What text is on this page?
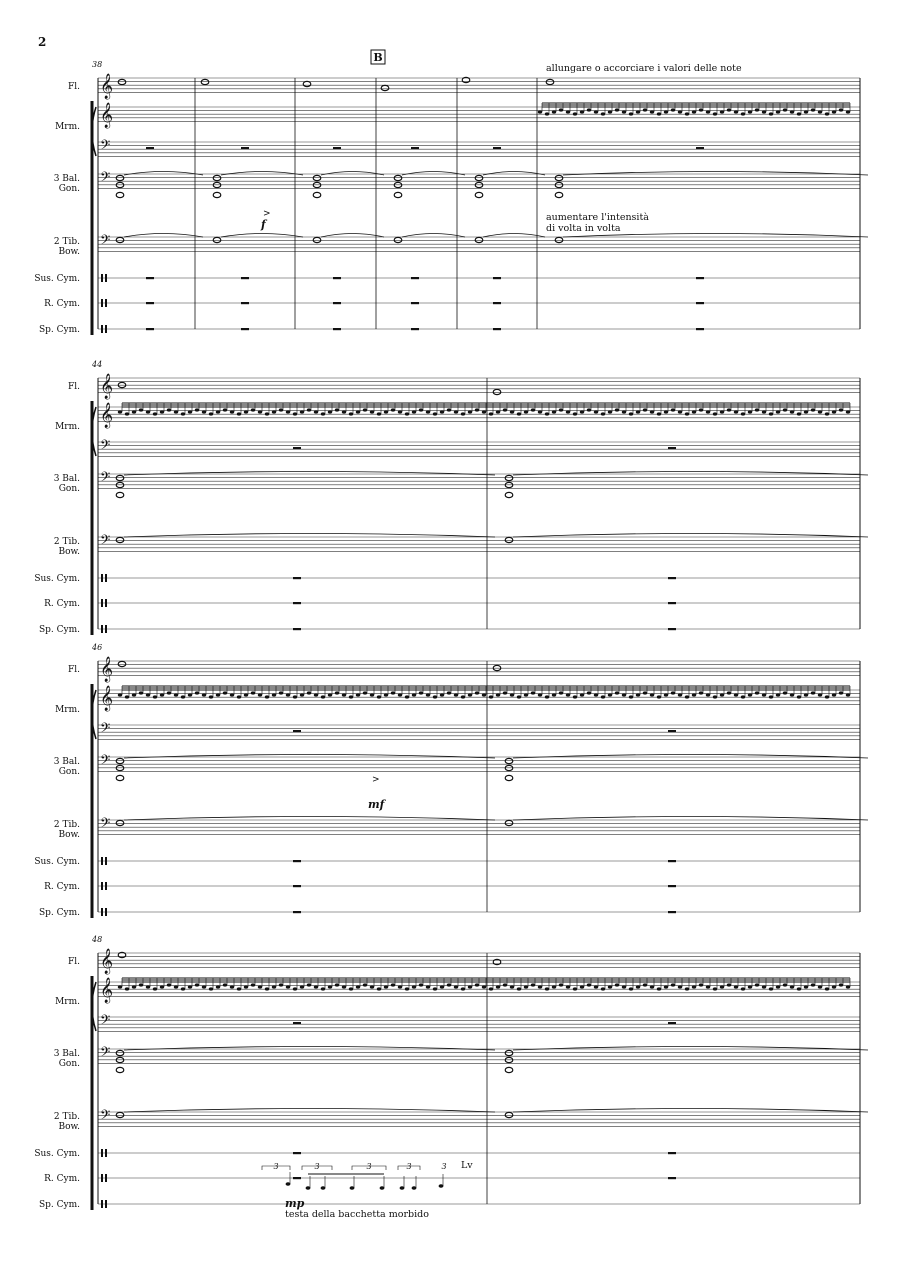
2
B
38
Fl.
Mrm.
3 Bal.
Gon.
2 Tib.
Bow.
Sus. Cym.
R. Cym.
Sp. Cym.
𝄞
𝄞
𝄢
𝄢
𝄢
44
Fl.
Mrm.
3 Bal.
Gon.
2 Tib.
Bow.
Sus. Cym.
R. Cym.
Sp. Cym.
𝄞
𝄞
𝄢
𝄢
𝄢
46
Fl.
Mrm.
3 Bal.
Gon.
2 Tib.
Bow.
Sus. Cym.
R. Cym.
Sp. Cym.
𝄞
𝄞
𝄢
𝄢
𝄢
48
Fl.
Mrm.
3 Bal.
Gon.
2 Tib.
Bow.
Sus. Cym.
R. Cym.
Sp. Cym.
𝄞
𝄞
𝄢
𝄢
𝄢
>
>
3	3	3	3	3
allungare o accorciare i valori delle note
aumentare l'intensità
di volta in volta
f
mf
mp
testa della bacchetta morbido
Lv
